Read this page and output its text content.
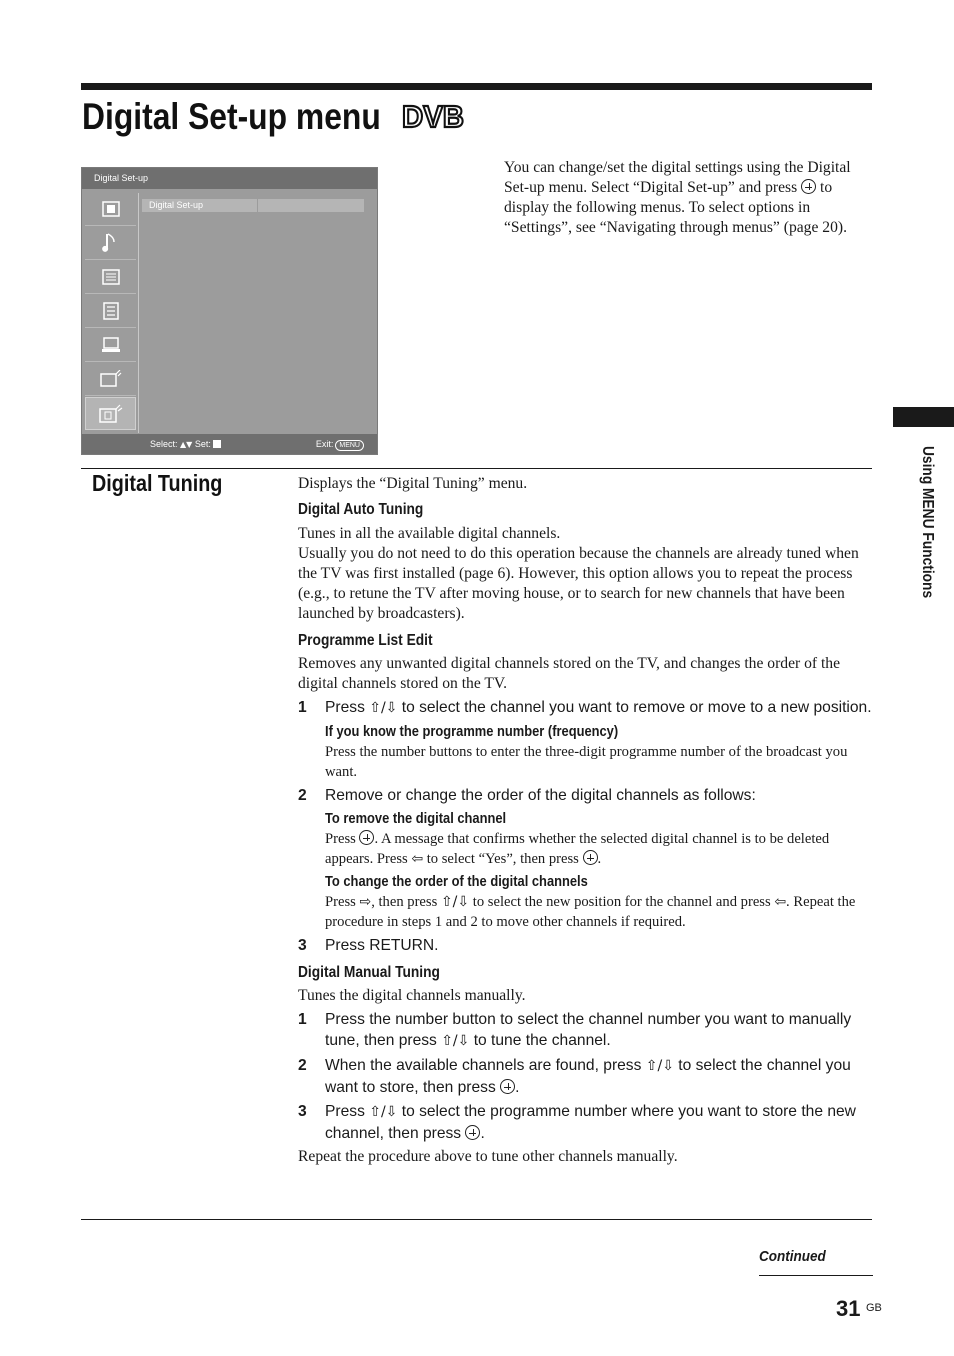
Digital Set-up menu DVB
Digital Set-up
Digital Set-up
Select: ▲▼ Set:	Exit: MENU

You can change/set the digital settings using the Digital Set-up menu. Select “Digital Set-up” and press to display the following menus. To select options in “Settings”, see “Navigating through menus” (page 20).

Digital Tuning	Displays the “Digital Tuning” menu.

Digital Auto Tuning

Tunes in all the available digital channels.

Usually you do not need to do this operation because the channels are already tuned when the TV was first installed (page 6). However, this option allows you to repeat the process (e.g., to retune the TV after moving house, or to search for new channels that have been launched by broadcasters).

Programme List Edit

Removes any unwanted digital channels stored on the TV, and changes the order of the digital channels stored on the TV.

1 Press ⇧/⇩ to select the channel you want to remove or move to a new position.
If you know the programme number (frequency)

Press the number buttons to enter the three-digit programme number of the broadcast you want.

2 Remove or change the order of the digital channels as follows:
To remove the digital channel

Press . A message that confirms whether the selected digital channel is to be deleted appears. Press ⇦ to select “Yes”, then press .

To change the order of the digital channels

Press ⇨, then press ⇧/⇩ to select the new position for the channel and press ⇦. Repeat the procedure in steps 1 and 2 to move other channels if required.

3 Press RETURN.
Digital Manual Tuning

Tunes the digital channels manually.

1 Press the number button to select the channel number you want to manually tune, then press ⇧/⇩ to tune the channel.
2 When the available channels are found, press ⇧/⇩ to select the channel you want to store, then press .
3 Press ⇧/⇩ to select the programme number where you want to store the new channel, then press .

Repeat the procedure above to tune other channels manually.

Using MENU Functions
Continued
31 GB
